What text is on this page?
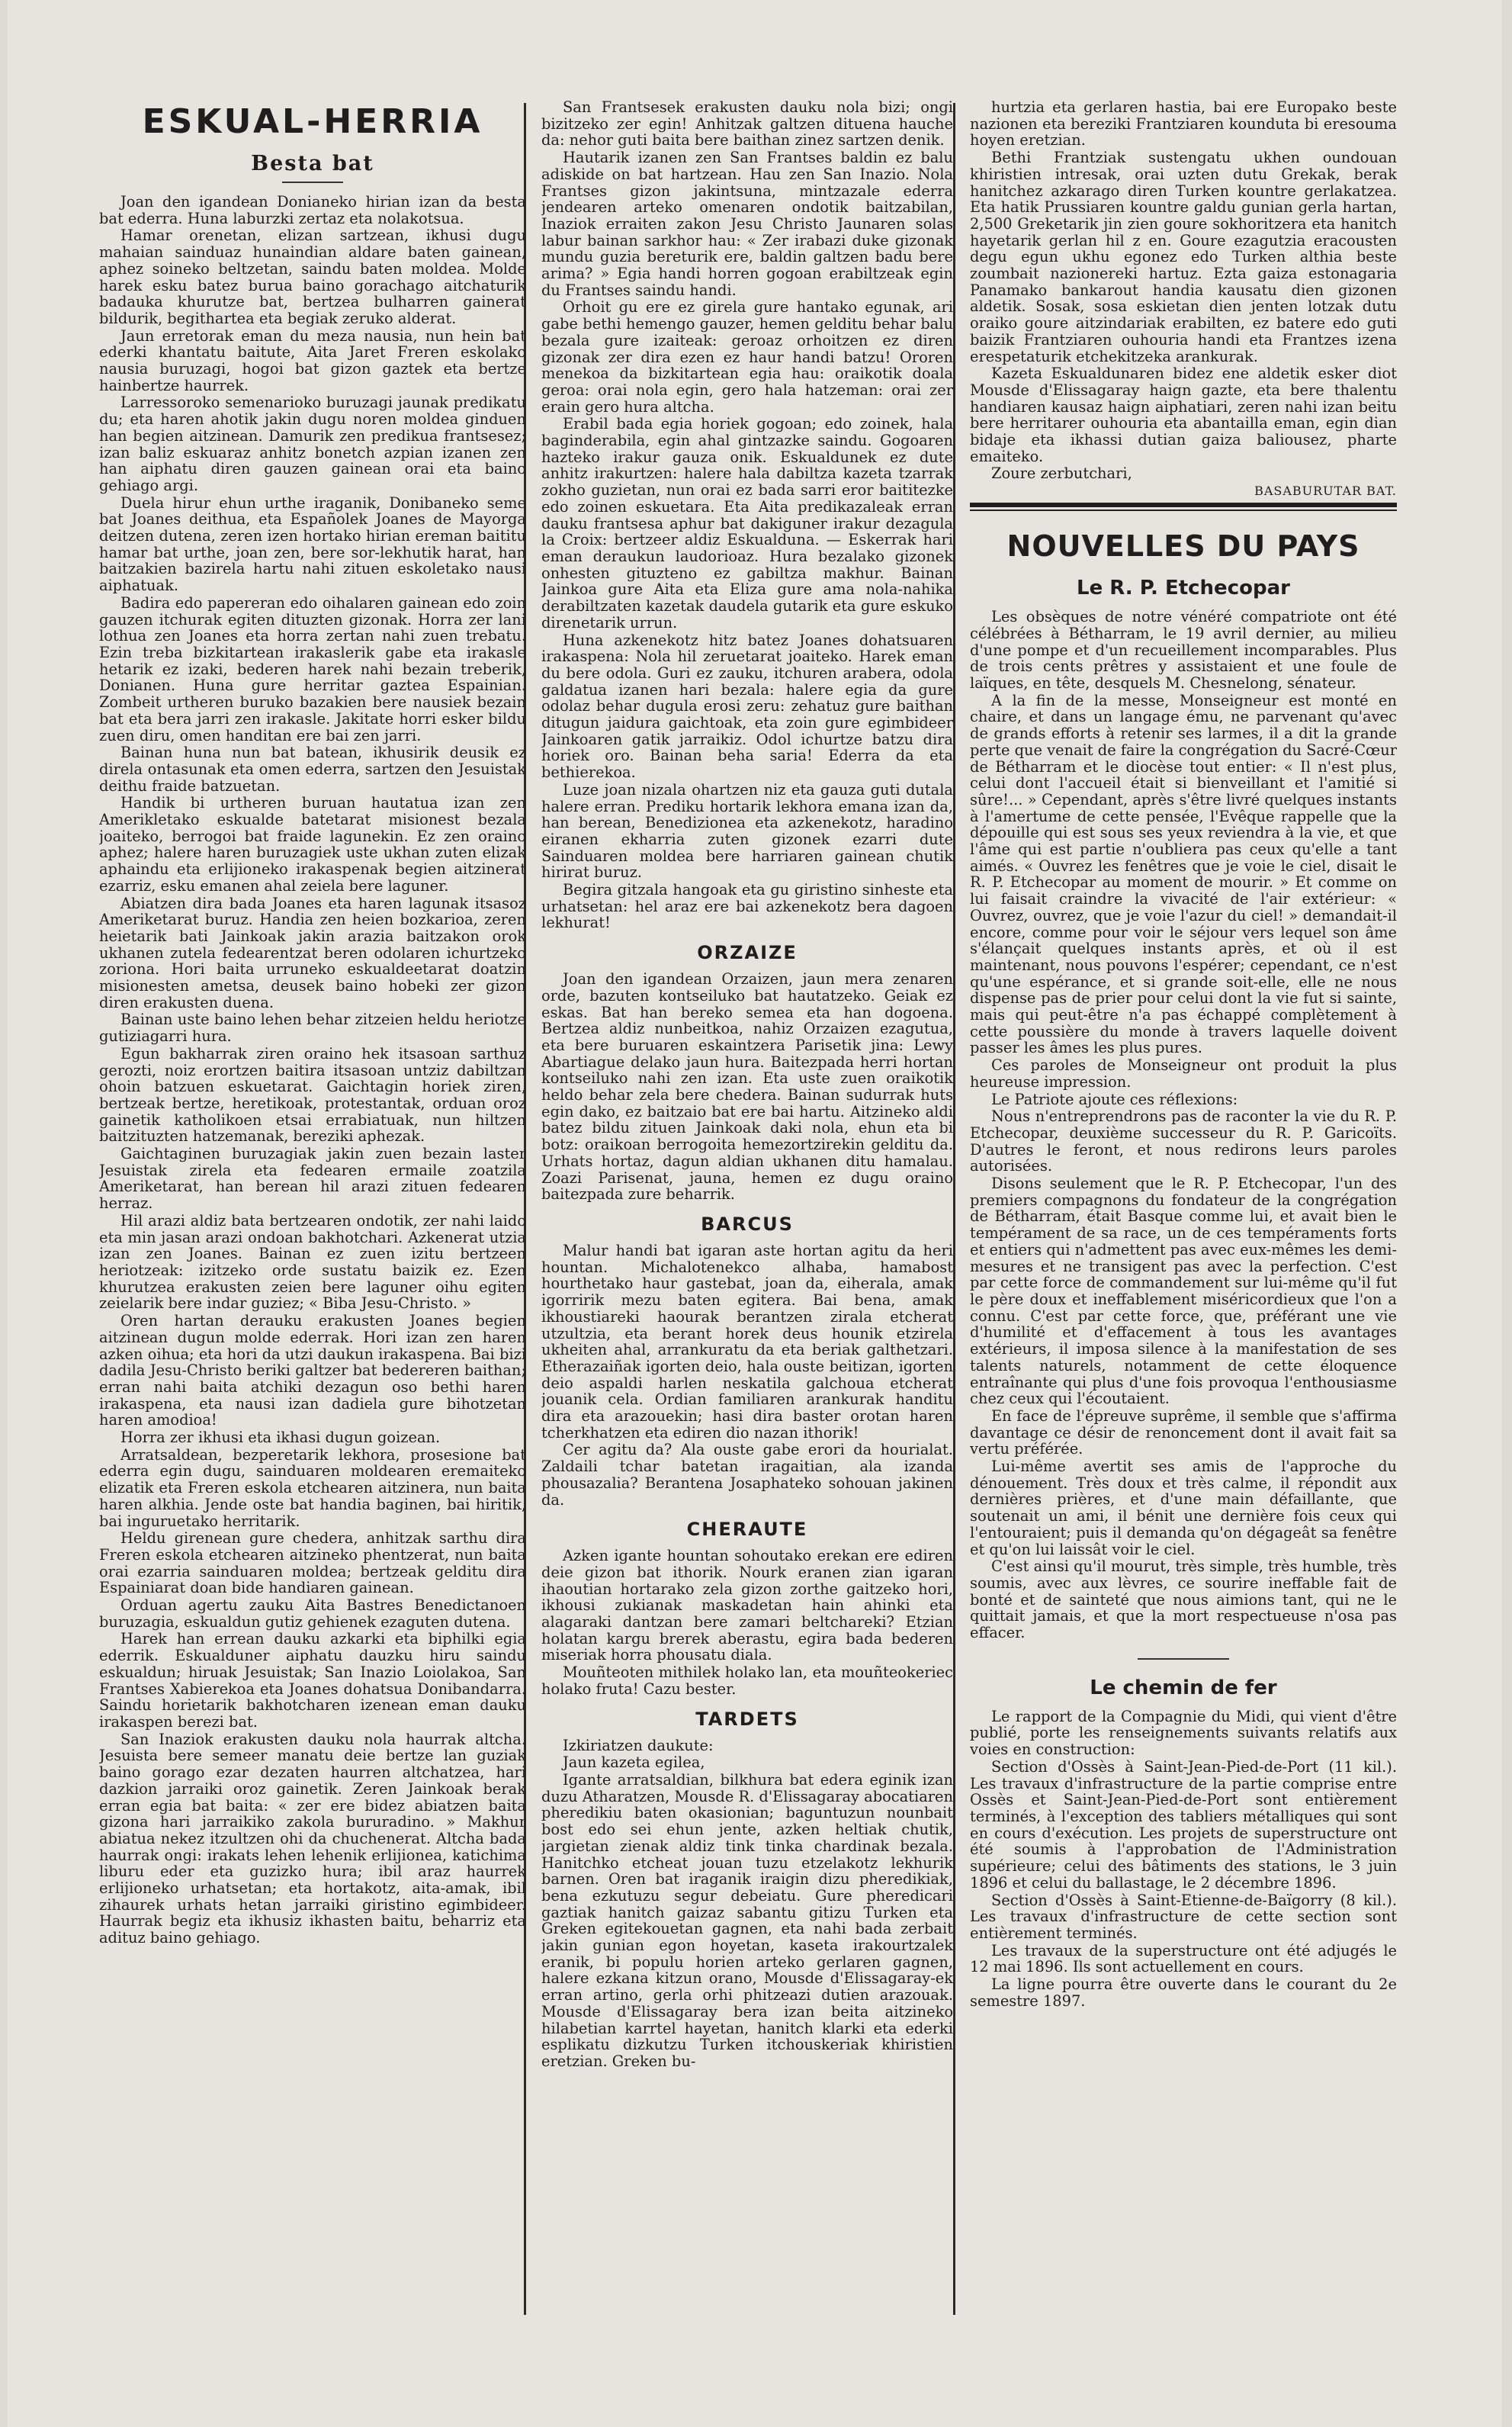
ESKUAL-HERRIA
Besta bat

Joan den igandean Donianeko hirian izan da besta bat ederra. Huna laburzki zertaz eta nolakotsua.

Hamar orenetan, elizan sartzean, ikhusi dugu mahaian sainduaz hunaindian aldare baten gainean, aphez soineko beltzetan, saindu baten moldea. Molde harek esku batez burua baino gorachago aitchaturik badauka khurutze bat, bertzea bulharren gainerat bildurik, begithartea eta begiak zeruko alderat.

Jaun erretorak eman du meza nausia, nun hein bat ederki khantatu baitute, Aita Jaret Freren eskolako nausia buruzagi, hogoi bat gizon gaztek eta bertze hainbertze haurrek.

Larressoroko semenarioko buruzagi jaunak predikatu du; eta haren ahotik jakin dugu noren moldea ginduen han begien aitzinean. Damurik zen predikua frantsesez; izan baliz eskuaraz anhitz bonetch azpian izanen zen han aiphatu diren gauzen gainean orai eta baino gehiago argi.

Duela hirur ehun urthe iraganik, Donibaneko seme bat Joanes deithua, eta Españolek Joanes de Mayorga deitzen dutena, zeren izen hortako hirian ereman baititu hamar bat urthe, joan zen, bere sor-lekhutik harat, han baitzakien bazirela hartu nahi zituen eskoletako nausi aiphatuak.

Badira edo papereran edo oihalaren gainean edo zoin gauzen itchurak egiten dituzten gizonak. Horra zer lani lothua zen Joanes eta horra zertan nahi zuen trebatu. Ezin treba bizkitartean irakaslerik gabe eta irakasle hetarik ez izaki, bederen harek nahi bezain treberik, Donianen. Huna gure herritar gaztea Espainian. Zombeit urtheren buruko bazakien bere nausiek bezain bat eta bera jarri zen irakasle. Jakitate horri esker bildu zuen diru, omen handitan ere bai zen jarri.

Bainan huna nun bat batean, ikhusirik deusik ez direla ontasunak eta omen ederra, sartzen den Jesuistak deithu fraide batzuetan.

Handik bi urtheren buruan hautatua izan zen Amerikletako eskualde batetarat misionest bezala joaiteko, berrogoi bat fraide lagunekin. Ez zen oraino aphez; halere haren buruzagiek uste ukhan zuten elizak aphaindu eta erlijioneko irakaspenak begien aitzinerat ezarriz, esku emanen ahal zeiela bere laguner.

Abiatzen dira bada Joanes eta haren lagunak itsasoz Ameriketarat buruz. Handia zen heien bozkarioa, zeren heietarik bati Jainkoak jakin arazia baitzakon orok ukhanen zutela fedearentzat beren odolaren ichurtzeko zoriona. Hori baita urruneko eskualdeetarat doatzin misionesten ametsa, deusek baino hobeki zer gizon diren erakusten duena.

Bainan uste baino lehen behar zitzeien heldu heriotze gutiziagarri hura.

Egun bakharrak ziren oraino hek itsasoan sarthuz gerozti, noiz erortzen baitira itsasoan untziz dabiltzan ohoin batzuen eskuetarat. Gaichtagin horiek ziren, bertzeak bertze, heretikoak, protestantak, orduan oroz gainetik katholikoen etsai errabiatuak, nun hiltzen baitzituzten hatzemanak, bereziki aphezak.

Gaichtaginen buruzagiak jakin zuen bezain laster Jesuistak zirela eta fedearen ermaile zoatzila Ameriketarat, han berean hil arazi zituen fedearen herraz.

Hil arazi aldiz bata bertzearen ondotik, zer nahi laido eta min jasan arazi ondoan bakhotchari. Azkenerat utzia izan zen Joanes. Bainan ez zuen izitu bertzeen heriotzeak: izitzeko orde sustatu baizik ez. Ezen khurutzea erakusten zeien bere laguner oihu egiten zeielarik bere indar guziez; « Biba Jesu-Christo. »

Oren hartan derauku erakusten Joanes begien aitzinean dugun molde ederrak. Hori izan zen haren azken oihua; eta hori da utzi daukun irakaspena. Bai bizi dadila Jesu-Christo beriki galtzer bat bedereren baithan; erran nahi baita atchiki dezagun oso bethi haren irakaspena, eta nausi izan dadiela gure bihotzetan haren amodioa!

Horra zer ikhusi eta ikhasi dugun goizean.

Arratsaldean, bezperetarik lekhora, prosesione bat ederra egin dugu, sainduaren moldearen eremaiteko elizatik eta Freren eskola etchearen aitzinera, nun baita haren alkhia. Jende oste bat handia baginen, bai hiritik, bai inguruetako herritarik.

Heldu girenean gure chedera, anhitzak sarthu dira Freren eskola etchearen aitzineko phentzerat, nun baita orai ezarria sainduaren moldea; bertzeak gelditu dira Espainiarat doan bide handiaren gainean.

Orduan agertu zauku Aita Bastres Benedictanoen buruzagia, eskualdun gutiz gehienek ezaguten dutena.

Harek han errean dauku azkarki eta biphilki egia ederrik. Eskualduner aiphatu dauzku hiru saindu eskualdun; hiruak Jesuistak; San Inazio Loiolakoa, San Frantses Xabierekoa eta Joanes dohatsua Donibandarra. Saindu horietarik bakhotcharen izenean eman dauku irakaspen berezi bat.

San Inaziok erakusten dauku nola haurrak altcha. Jesuista bere semeer manatu deie bertze lan guziak baino gorago ezar dezaten haurren altchatzea, hari dazkion jarraiki oroz gainetik. Zeren Jainkoak berak erran egia bat baita: « zer ere bidez abiatzen baita gizona hari jarraikiko zakola bururadino. » Makhur abiatua nekez itzultzen ohi da chuchenerat. Altcha bada haurrak ongi: irakats lehen lehenik erlijionea, katichima liburu eder eta guzizko hura; ibil araz haurrek erlijioneko urhatsetan; eta hortakotz, aita-amak, ibil zihaurek urhats hetan jarraiki giristino egimbideer. Haurrak begiz eta ikhusiz ikhasten baitu, beharriz eta adituz baino gehiago.

San Frantsesek erakusten dauku nola bizi; ongi bizitzeko zer egin! Anhitzak galtzen dituena hauche da: nehor guti baita bere baithan zinez sartzen denik.

Hautarik izanen zen San Frantses baldin ez balu adiskide on bat hartzean. Hau zen San Inazio. Nola Frantses gizon jakintsuna, mintzazale ederra jendearen arteko omenaren ondotik baitzabilan, Inaziok erraiten zakon Jesu Christo Jaunaren solas labur bainan sarkhor hau: « Zer irabazi duke gizonak mundu guzia bereturik ere, baldin galtzen badu bere arima? » Egia handi horren gogoan erabiltzeak egin du Frantses saindu handi.

Orhoit gu ere ez girela gure hantako egunak, ari gabe bethi hemengo gauzer, hemen gelditu behar balu bezala gure izaiteak: geroaz orhoitzen ez diren gizonak zer dira ezen ez haur handi batzu! Ororen menekoa da bizkitartean egia hau: oraikotik doala geroa: orai nola egin, gero hala hatzeman: orai zer erain gero hura altcha.

Erabil bada egia horiek gogoan; edo zoinek, hala baginderabila, egin ahal gintzazke saindu. Gogoaren hazteko irakur gauza onik. Eskualdunek ez dute anhitz irakurtzen: halere hala dabiltza kazeta tzarrak zokho guzietan, nun orai ez bada sarri eror baititezke edo zoinen eskuetara. Eta Aita predikazaleak erran dauku frantsesa aphur bat dakiguner irakur dezagula la Croix: bertzeer aldiz Eskualduna. — Eskerrak hari eman deraukun laudorioaz. Hura bezalako gizonek onhesten gituzteno ez gabiltza makhur. Bainan Jainkoa gure Aita eta Eliza gure ama nola-nahika derabiltzaten kazetak daudela gutarik eta gure eskuko direnetarik urrun.

Huna azkenekotz hitz batez Joanes dohatsuaren irakaspena: Nola hil zeruetarat joaiteko. Harek eman du bere odola. Guri ez zauku, itchuren arabera, odola galdatua izanen hari bezala: halere egia da gure odolaz behar dugula erosi zeru: zehatuz gure baithan ditugun jaidura gaichtoak, eta zoin gure egimbideer Jainkoaren gatik jarraikiz. Odol ichurtze batzu dira horiek oro. Bainan beha saria! Ederra da eta bethierekoa.

Luze joan nizala ohartzen niz eta gauza guti dutala halere erran. Prediku hortarik lekhora emana izan da, han berean, Benedizionea eta azkenekotz, haradino eiranen ekharria zuten gizonek ezarri dute Sainduaren moldea bere harriaren gainean chutik hirirat buruz.

Begira gitzala hangoak eta gu giristino sinheste eta urhatsetan: hel araz ere bai azkenekotz bera dagoen lekhurat!

ORZAIZE

Joan den igandean Orzaizen, jaun mera zenaren orde, bazuten kontseiluko bat hautatzeko. Geiak ez eskas. Bat han bereko semea eta han dogoena. Bertzea aldiz nunbeitkoa, nahiz Orzaizen ezagutua, eta bere buruaren eskaintzera Parisetik jina: Lewy Abartiague delako jaun hura. Baitezpada herri hortan kontseiluko nahi zen izan. Eta uste zuen oraikotik heldo behar zela bere chedera. Bainan sudurrak huts egin dako, ez baitzaio bat ere bai hartu. Aitzineko aldi batez bildu zituen Jainkoak daki nola, ehun eta bi botz: oraikoan berrogoita hemezortzirekin gelditu da. Urhats hortaz, dagun aldian ukhanen ditu hamalau. Zoazi Parisenat, jauna, hemen ez dugu oraino baitezpada zure beharrik.

BARCUS

Malur handi bat igaran aste hortan agitu da heri hountan. Michalotenekco alhaba, hamabost hourthetako haur gastebat, joan da, eiherala, amak igorririk mezu baten egitera. Bai bena, amak ikhoustiareki haourak berantzen zirala etcherat utzultzia, eta berant horek deus hounik etzirela ukheiten ahal, arrankuratu da eta beriak galthetzari. Etherazaiñak igorten deio, hala ouste beitizan, igorten deio aspaldi harlen neskatila galchoua etcherat jouanik cela. Ordian familiaren arankurak handitu dira eta arazouekin; hasi dira baster orotan haren tcherkhatzen eta ediren dio nazan ithorik!

Cer agitu da? Ala ouste gabe erori da hourialat. Zaldaili tchar batetan iragaitian, ala izanda phousazalia? Berantena Josaphateko sohouan jakinen da.

CHERAUTE

Azken igante hountan sohoutako erekan ere ediren deie gizon bat ithorik. Nourk eranen zian igaran ihaoutian hortarako zela gizon zorthe gaitzeko hori, ikhousi zukianak maskadetan hain ahinki eta alagaraki dantzan bere zamari beltchareki? Etzian holatan kargu brerek aberastu, egira bada bederen miseriak horra phousatu diala.

Mouñteoten mithilek holako lan, eta mouñteokeriec holako fruta! Cazu bester.

TARDETS

Izkiriatzen daukute:

Jaun kazeta egilea,

Igante arratsaldian, bilkhura bat edera eginik izan duzu Atharatzen, Mousde R. d'Elissagaray abocatiaren pheredikiu baten okasionian; baguntuzun nounbait bost edo sei ehun jente, azken heltiak chutik, jargietan zienak aldiz tink tinka chardinak bezala. Hanitchko etcheat jouan tuzu etzelakotz lekhurik barnen. Oren bat iraganik iraigin dizu pheredikiak, bena ezkutuzu segur debeiatu. Gure pheredicari gaztiak hanitch gaizaz sabantu gitizu Turken eta Greken egitekouetan gagnen, eta nahi bada zerbait jakin gunian egon hoyetan, kaseta irakourtzalek eranik, bi populu horien arteko gerlaren gagnen, halere ezkana kitzun orano, Mousde d'Elissagaray-ek erran artino, gerla orhi phitzeazi dutien arazouak. Mousde d'Elissagaray bera izan beita aitzineko hilabetian karrtel hayetan, hanitch klarki eta ederki esplikatu dizkutzu Turken itchouskeriak khiristien eretzian. Greken bu-

hurtzia eta gerlaren hastia, bai ere Europako beste nazionen eta bereziki Frantziaren kounduta bi eresouma hoyen eretzian.

Bethi Frantziak sustengatu ukhen oundouan khiristien intresak, orai uzten dutu Grekak, berak hanitchez azkarago diren Turken kountre gerlakatzea. Eta hatik Prussiaren kountre galdu gunian gerla hartan, 2,500 Greketarik jin zien goure sokhoritzera eta hanitch hayetarik gerlan hil z en. Goure ezagutzia eracousten degu egun ukhu egonez edo Turken althia beste zoumbait nazionereki hartuz. Ezta gaiza estonagaria Panamako bankarout handia kausatu dien gizonen aldetik. Sosak, sosa eskietan dien jenten lotzak dutu oraiko goure aitzindariak erabilten, ez batere edo guti baizik Frantziaren ouhouria handi eta Frantzes izena erespetaturik etchekitzeka arankurak.

Kazeta Eskualdunaren bidez ene aldetik esker diot Mousde d'Elissagaray haign gazte, eta bere thalentu handiaren kausaz haign aiphatiari, zeren nahi izan beitu bere herritarer ouhouria eta abantailla eman, egin dian bidaje eta ikhassi dutian gaiza baliousez, pharte emaiteko.

Zoure zerbutchari,

BASABURUTAR BAT.
NOUVELLES DU PAYS
Le R. P. Etchecopar

Les obsèques de notre vénéré compatriote ont été célébrées à Bétharram, le 19 avril dernier, au milieu d'une pompe et d'un recueillement incomparables. Plus de trois cents prêtres y assistaient et une foule de laïques, en tête, desquels M. Chesnelong, sénateur.

A la fin de la messe, Monseigneur est monté en chaire, et dans un langage ému, ne parvenant qu'avec de grands efforts à retenir ses larmes, il a dit la grande perte que venait de faire la congrégation du Sacré-Cœur de Bétharram et le diocèse tout entier: « Il n'est plus, celui dont l'accueil était si bienveillant et l'amitié si sûre!... » Cependant, après s'être livré quelques instants à l'amertume de cette pensée, l'Evêque rappelle que la dépouille qui est sous ses yeux reviendra à la vie, et que l'âme qui est partie n'oubliera pas ceux qu'elle a tant aimés. « Ouvrez les fenêtres que je voie le ciel, disait le R. P. Etchecopar au moment de mourir. » Et comme on lui faisait craindre la vivacité de l'air extérieur: « Ouvrez, ouvrez, que je voie l'azur du ciel! » demandait-il encore, comme pour voir le séjour vers lequel son âme s'élançait quelques instants après, et où il est maintenant, nous pouvons l'espérer; cependant, ce n'est qu'une espérance, et si grande soit-elle, elle ne nous dispense pas de prier pour celui dont la vie fut si sainte, mais qui peut-être n'a pas échappé complètement à cette poussière du monde à travers laquelle doivent passer les âmes les plus pures.

Ces paroles de Monseigneur ont produit la plus heureuse impression.

Le Patriote ajoute ces réflexions:

Nous n'entreprendrons pas de raconter la vie du R. P. Etchecopar, deuxième successeur du R. P. Garicoïts. D'autres le feront, et nous redirons leurs paroles autorisées.

Disons seulement que le R. P. Etchecopar, l'un des premiers compagnons du fondateur de la congrégation de Bétharram, était Basque comme lui, et avait bien le tempérament de sa race, un de ces tempéraments forts et entiers qui n'admettent pas avec eux-mêmes les demi-mesures et ne transigent pas avec la perfection. C'est par cette force de commandement sur lui-même qu'il fut le père doux et ineffablement miséricordieux que l'on a connu. C'est par cette force, que, préférant une vie d'humilité et d'effacement à tous les avantages extérieurs, il imposa silence à la manifestation de ses talents naturels, notamment de cette éloquence entraînante qui plus d'une fois provoqua l'enthousiasme chez ceux qui l'écoutaient.

En face de l'épreuve suprême, il semble que s'affirma davantage ce désir de renoncement dont il avait fait sa vertu préférée.

Lui-même avertit ses amis de l'approche du dénouement. Très doux et très calme, il répondit aux dernières prières, et d'une main défaillante, que soutenait un ami, il bénit une dernière fois ceux qui l'entouraient; puis il demanda qu'on dégageât sa fenêtre et qu'on lui laissât voir le ciel.

C'est ainsi qu'il mourut, très simple, très humble, très soumis, avec aux lèvres, ce sourire ineffable fait de bonté et de sainteté que nous aimions tant, qui ne le quittait jamais, et que la mort respectueuse n'osa pas effacer.

Le chemin de fer

Le rapport de la Compagnie du Midi, qui vient d'être publié, porte les renseignements suivants relatifs aux voies en construction:

Section d'Ossès à Saint-Jean-Pied-de-Port (11 kil.). Les travaux d'infrastructure de la partie comprise entre Ossès et Saint-Jean-Pied-de-Port sont entièrement terminés, à l'exception des tabliers métalliques qui sont en cours d'exécution. Les projets de superstructure ont été soumis à l'approbation de l'Administration supérieure; celui des bâtiments des stations, le 3 juin 1896 et celui du ballastage, le 2 décembre 1896.

Section d'Ossès à Saint-Etienne-de-Baïgorry (8 kil.). Les travaux d'infrastructure de cette section sont entièrement terminés.

Les travaux de la superstructure ont été adjugés le 12 mai 1896. Ils sont actuellement en cours.

La ligne pourra être ouverte dans le courant du 2e semestre 1897.
